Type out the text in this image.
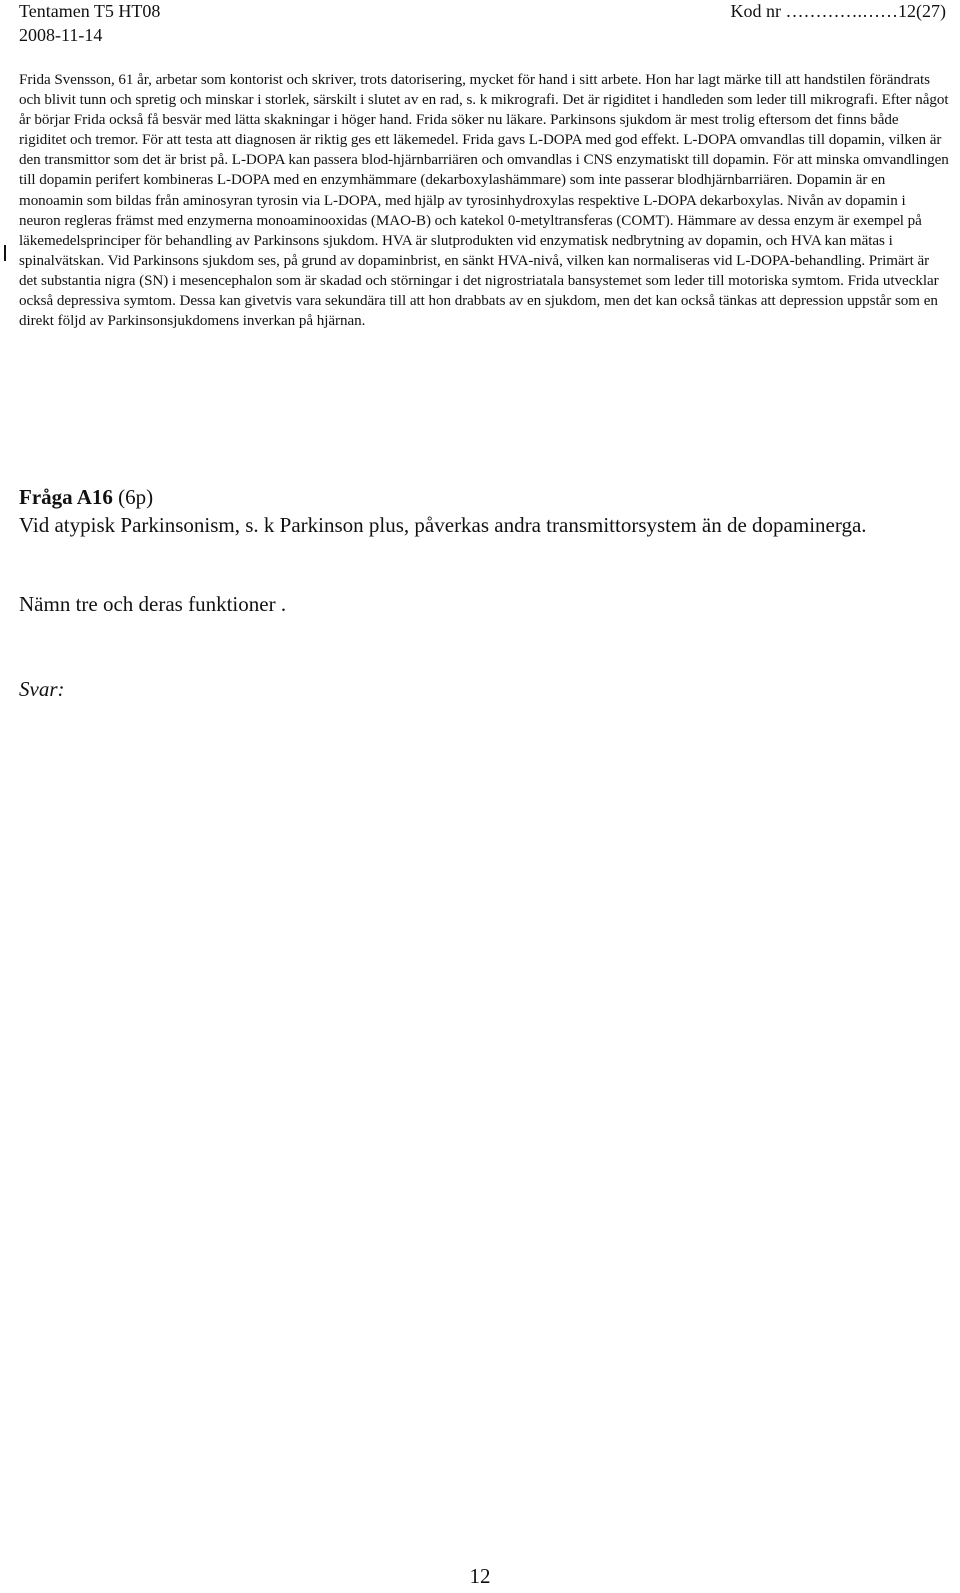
Tentamen T5 HT08	Kod nr ………….……12(27)
2008-11-14

Frida Svensson, 61 år, arbetar som kontorist och skriver, trots datorisering, mycket för hand i sitt arbete. Hon har lagt märke till att handstilen förändrats och blivit tunn och spretig och minskar i storlek, särskilt i slutet av en rad, s. k mikrografi. Det är rigiditet i handleden som leder till mikrografi. Efter något år börjar Frida också få besvär med lätta skakningar i höger hand. Frida söker nu läkare. Parkinsons sjukdom är mest trolig eftersom det finns både rigiditet och tremor. För att testa att diagnosen är riktig ges ett läkemedel. Frida gavs L-DOPA med god effekt. L-DOPA omvandlas till dopamin, vilken är den transmittor som det är brist på. L-DOPA kan passera blod-hjärnbarriären och omvandlas i CNS enzymatiskt till dopamin. För att minska omvandlingen till dopamin perifert kombineras L-DOPA med en enzymhämmare (dekarboxylashämmare) som inte passerar blodhjärnbarriären. Dopamin är en monoamin som bildas från aminosyran tyrosin via L-DOPA, med hjälp av tyrosinhydroxylas respektive L-DOPA dekarboxylas. Nivån av dopamin i neuron regleras främst med enzymerna monoaminooxidas (MAO-B) och katekol 0-metyltransferas (COMT). Hämmare av dessa enzym är exempel på läkemedelsprinciper för behandling av Parkinsons sjukdom. HVA är slutprodukten vid enzymatisk nedbrytning av dopamin, och HVA kan mätas i spinalvätskan. Vid Parkinsons sjukdom ses, på grund av dopaminbrist, en sänkt HVA-nivå, vilken kan normaliseras vid L-DOPA-behandling. Primärt är det substantia nigra (SN) i mesencephalon som är skadad och störningar i det nigrostriatala bansystemet som leder till motoriska symtom. Frida utvecklar också depressiva symtom. Dessa kan givetvis vara sekundära till att hon drabbats av en sjukdom, men det kan också tänkas att depression uppstår som en direkt följd av Parkinsonsjukdomens inverkan på hjärnan.

Fråga A16 (6p)

Vid atypisk Parkinsonism, s. k Parkinson plus, påverkas andra transmittorsystem än de dopaminerga.

Nämn tre och deras funktioner .

Svar:

12
